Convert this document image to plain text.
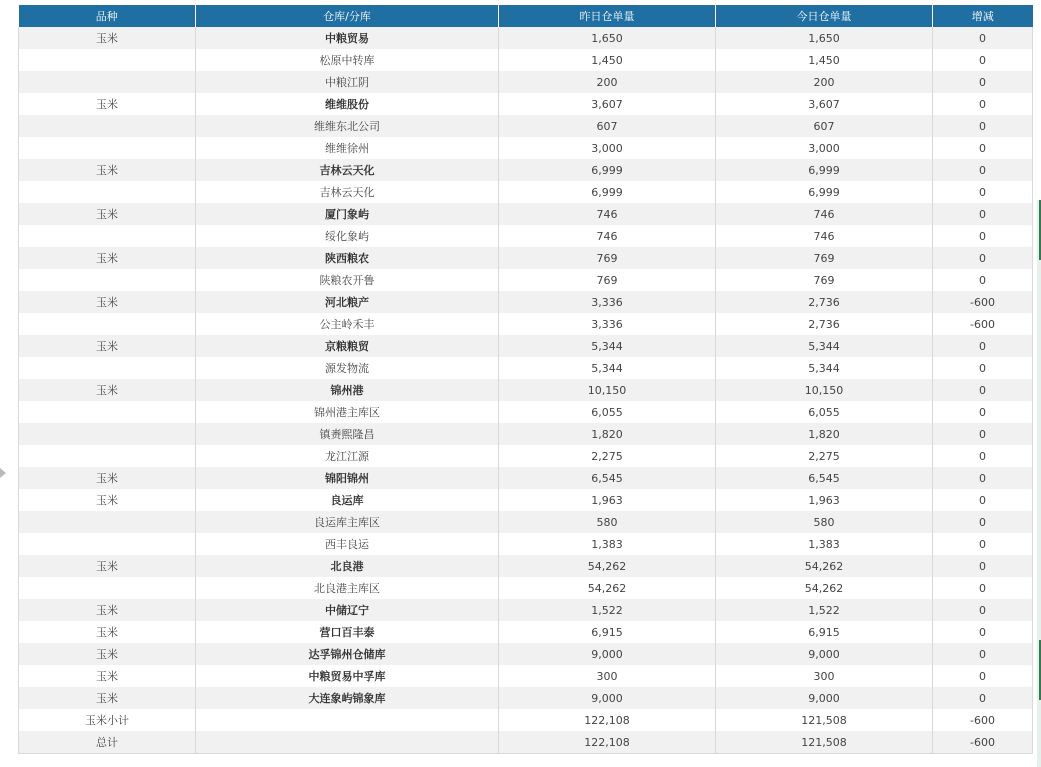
品种	仓库/分库	昨日仓单量	今日仓单量	增减
玉米	中粮贸易	1,650	1,650	0
	松原中转库	1,450	1,450	0
	中粮江阴	200	200	0
玉米	维维股份	3,607	3,607	0
	维维东北公司	607	607	0
	维维徐州	3,000	3,000	0
玉米	吉林云天化	6,999	6,999	0
	吉林云天化	6,999	6,999	0
玉米	厦门象屿	746	746	0
	绥化象屿	746	746	0
玉米	陕西粮农	769	769	0
	陕粮农开鲁	769	769	0
玉米	河北粮产	3,336	2,736	-600
	公主岭禾丰	3,336	2,736	-600
玉米	京粮粮贸	5,344	5,344	0
	源发物流	5,344	5,344	0
玉米	锦州港	10,150	10,150	0
	锦州港主库区	6,055	6,055	0
	镇赉熙隆昌	1,820	1,820	0
	龙江江源	2,275	2,275	0
玉米	锦阳锦州	6,545	6,545	0
玉米	良运库	1,963	1,963	0
	良运库主库区	580	580	0
	西丰良运	1,383	1,383	0
玉米	北良港	54,262	54,262	0
	北良港主库区	54,262	54,262	0
玉米	中储辽宁	1,522	1,522	0
玉米	营口百丰泰	6,915	6,915	0
玉米	达孚锦州仓储库	9,000	9,000	0
玉米	中粮贸易中孚库	300	300	0
玉米	大连象屿锦象库	9,000	9,000	0
玉米小计		122,108	121,508	-600
总计		122,108	121,508	-600
